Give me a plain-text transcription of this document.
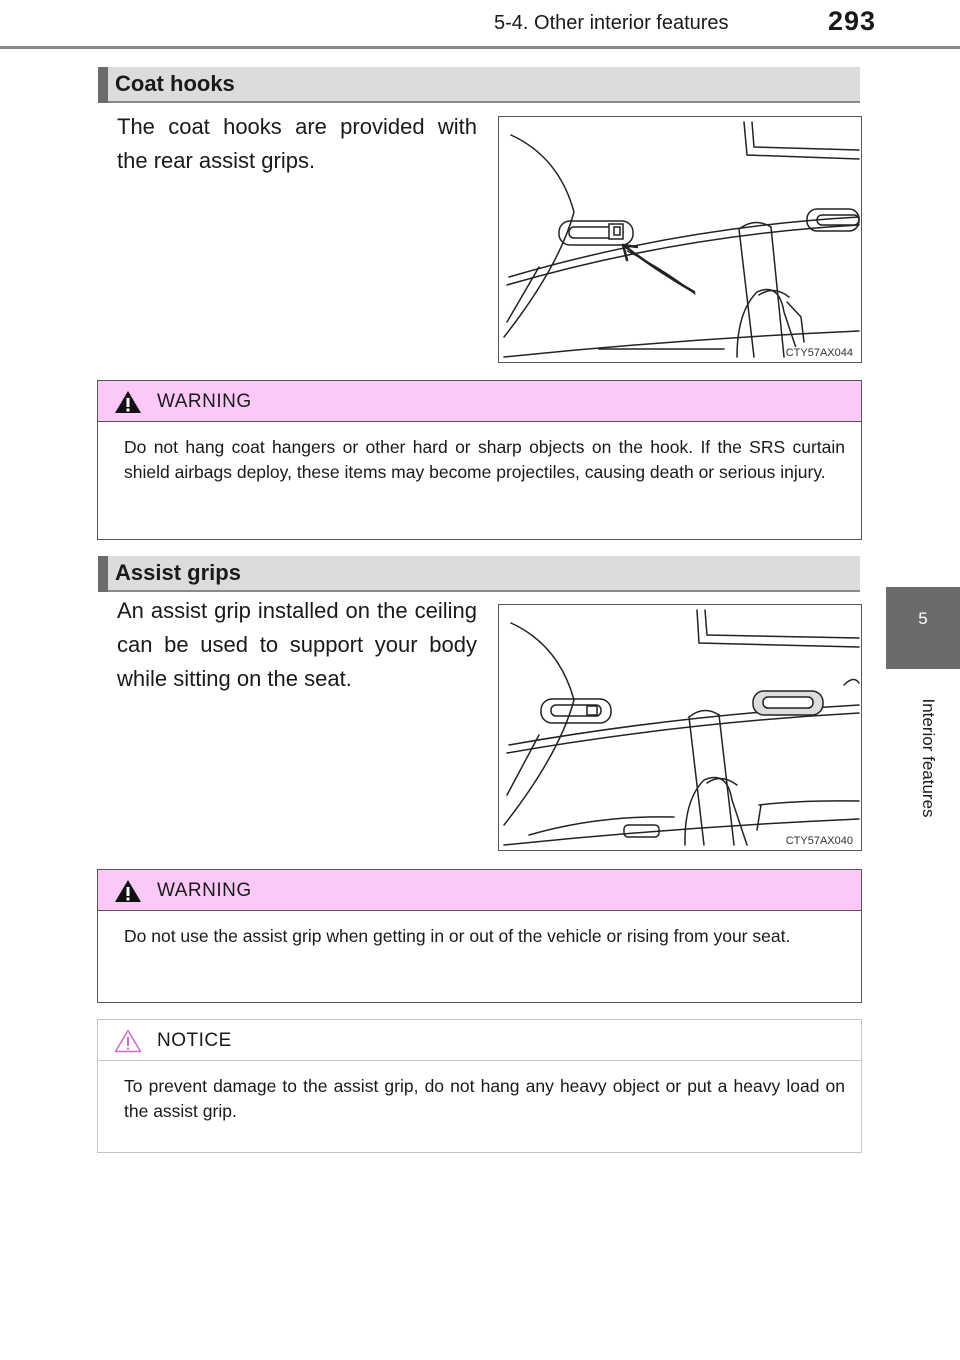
5-4. Other interior features	293
5
Interior features
Coat hooks
The coat hooks are provided with the rear assist grips.
CTY57AX044
WARNING
Do not hang coat hangers or other hard or sharp objects on the hook. If the SRS curtain shield airbags deploy, these items may become projectiles, causing death or serious injury.
Assist grips
An assist grip installed on the ceiling can be used to support your body while sitting on the seat.
CTY57AX040
WARNING
Do not use the assist grip when getting in or out of the vehicle or rising from your seat.
NOTICE
To prevent damage to the assist grip, do not hang any heavy object or put a heavy load on the assist grip.
